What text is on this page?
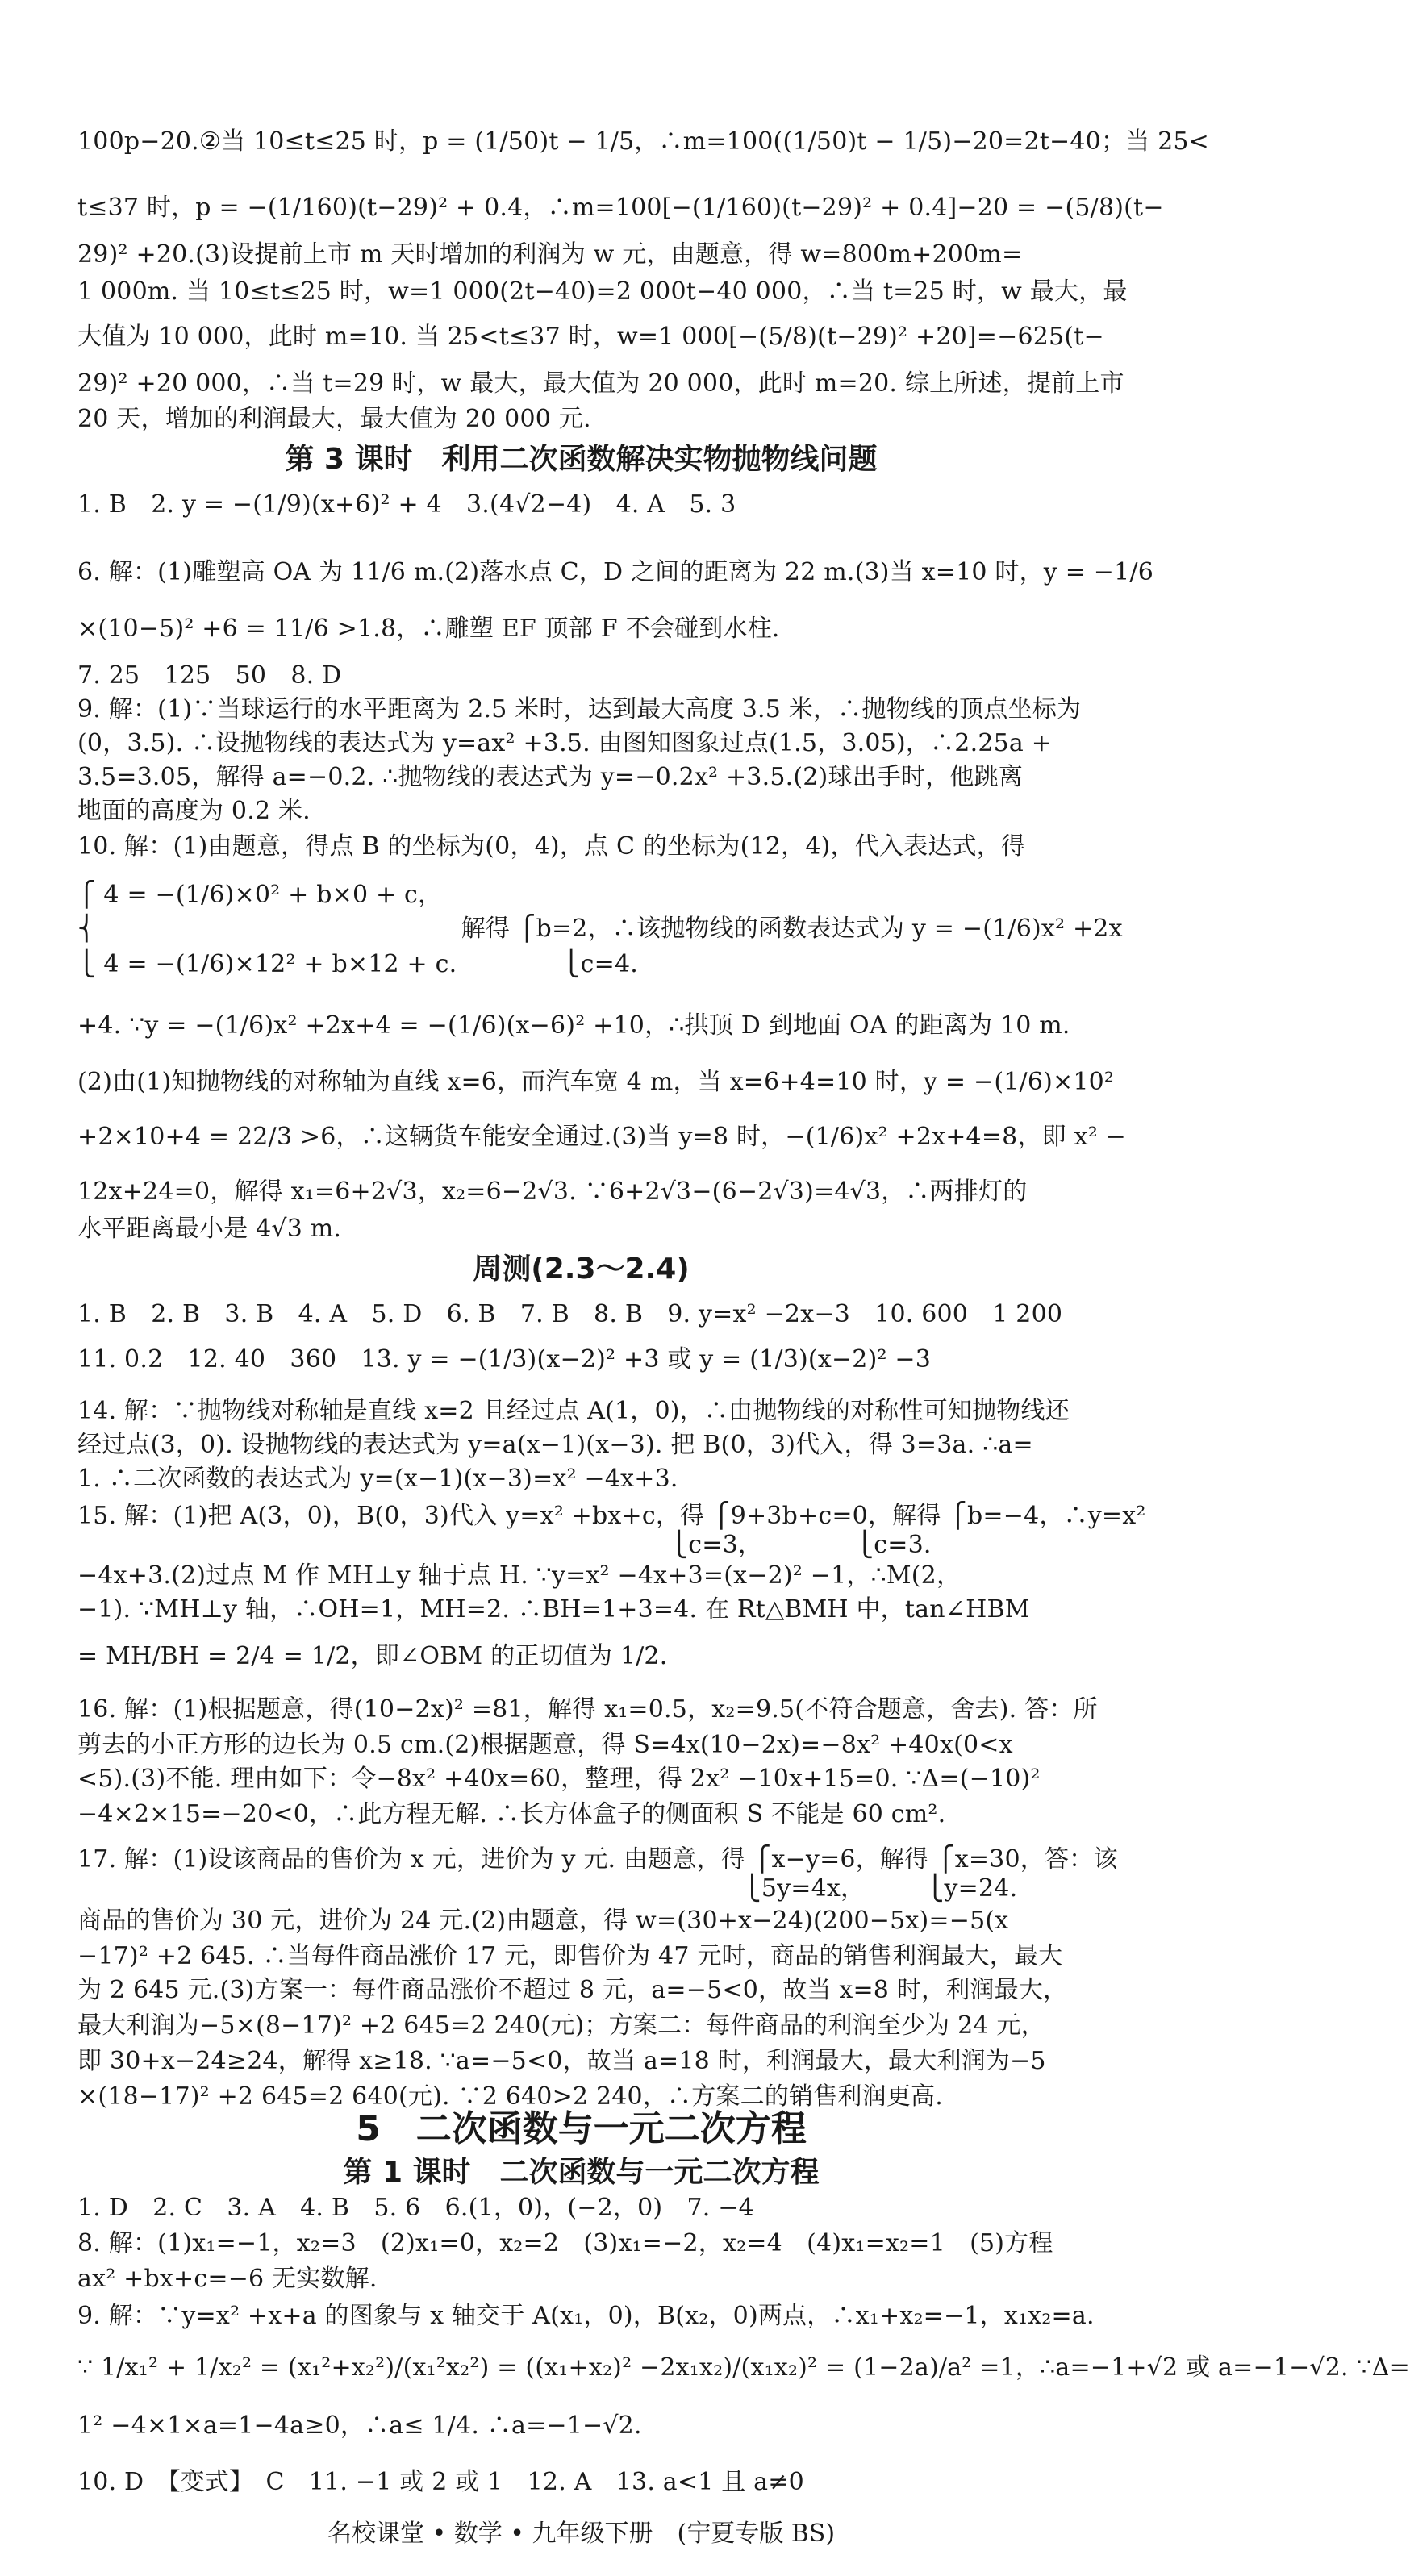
100p−20.②当 10≤t≤25 时，p = (1/50)t − 1/5，∴m=100((1/50)t − 1/5)−20=2t−40；当 25<
t≤37 时，p = −(1/160)(t−29)² + 0.4，∴m=100[−(1/160)(t−29)² + 0.4]−20 = −(5/8)(t−
29)² +20.(3)设提前上市 m 天时增加的利润为 w 元，由题意，得 w=800m+200m=
1 000m. 当 10≤t≤25 时，w=1 000(2t−40)=2 000t−40 000，∴当 t=25 时，w 最大，最
大值为 10 000，此时 m=10. 当 25<t≤37 时，w=1 000[−(5/8)(t−29)² +20]=−625(t−
29)² +20 000，∴当 t=29 时，w 最大，最大值为 20 000，此时 m=20. 综上所述，提前上市
20 天，增加的利润最大，最大值为 20 000 元.
第 3 课时　利用二次函数解决实物抛物线问题
1. B　2. y = −(1/9)(x+6)² + 4　3.(4√2−4)　4. A　5. 3
6. 解：(1)雕塑高 OA 为 11/6 m.(2)落水点 C，D 之间的距离为 22 m.(3)当 x=10 时，y = −1/6
×(10−5)² +6 = 11/6 >1.8，∴雕塑 EF 顶部 F 不会碰到水柱.
7. 25　125　50　8. D
9. 解：(1)∵当球运行的水平距离为 2.5 米时，达到最大高度 3.5 米，∴抛物线的顶点坐标为
(0，3.5). ∴设抛物线的表达式为 y=ax² +3.5. 由图知图象过点(1.5，3.05)，∴2.25a +
3.5=3.05，解得 a=−0.2. ∴抛物线的表达式为 y=−0.2x² +3.5.(2)球出手时，他跳离
地面的高度为 0.2 米.
10. 解：(1)由题意，得点 B 的坐标为(0，4)，点 C 的坐标为(12，4)，代入表达式，得
⎧ 4 = −(1/6)×0² + b×0 + c，
⎨　　　　　　　　　　　　　　　解得 ⎧b=2，∴该抛物线的函数表达式为 y = −(1/6)x² +2x
⎩ 4 = −(1/6)×12² + b×12 + c.　　　　 ⎩c=4.
+4. ∵y = −(1/6)x² +2x+4 = −(1/6)(x−6)² +10，∴拱顶 D 到地面 OA 的距离为 10 m.
(2)由(1)知抛物线的对称轴为直线 x=6，而汽车宽 4 m，当 x=6+4=10 时，y = −(1/6)×10²
+2×10+4 = 22/3 >6，∴这辆货车能安全通过.(3)当 y=8 时，−(1/6)x² +2x+4=8，即 x² −
12x+24=0，解得 x₁=6+2√3，x₂=6−2√3. ∵6+2√3−(6−2√3)=4√3，∴两排灯的
水平距离最小是 4√3 m.
周测(2.3～2.4)
1. B　2. B　3. B　4. A　5. D　6. B　7. B　8. B　9. y=x² −2x−3　10. 600　1 200
11. 0.2　12. 40　360　13. y = −(1/3)(x−2)² +3 或 y = (1/3)(x−2)² −3
14. 解：∵抛物线对称轴是直线 x=2 且经过点 A(1，0)，∴由抛物线的对称性可知抛物线还
经过点(3，0). 设抛物线的表达式为 y=a(x−1)(x−3). 把 B(0，3)代入，得 3=3a. ∴a=
1. ∴二次函数的表达式为 y=(x−1)(x−3)=x² −4x+3.
15. 解：(1)把 A(3，0)，B(0，3)代入 y=x² +bx+c，得 ⎧9+3b+c=0，解得 ⎧b=−4，∴y=x²
　　　　　　　　　　　　　　　　　　　　　　　　 ⎩c=3，　　　　 ⎩c=3.
−4x+3.(2)过点 M 作 MH⊥y 轴于点 H. ∵y=x² −4x+3=(x−2)² −1，∴M(2，
−1). ∵MH⊥y 轴，∴OH=1，MH=2. ∴BH=1+3=4. 在 Rt△BMH 中，tan∠HBM
= MH/BH = 2/4 = 1/2，即∠OBM 的正切值为 1/2.
16. 解：(1)根据题意，得(10−2x)² =81，解得 x₁=0.5，x₂=9.5(不符合题意，舍去). 答：所
剪去的小正方形的边长为 0.5 cm.(2)根据题意，得 S=4x(10−2x)=−8x² +40x(0<x
<5).(3)不能. 理由如下：令−8x² +40x=60，整理，得 2x² −10x+15=0. ∵Δ=(−10)²
−4×2×15=−20<0，∴此方程无解. ∴长方体盒子的侧面积 S 不能是 60 cm².
17. 解：(1)设该商品的售价为 x 元，进价为 y 元. 由题意，得 ⎧x−y=6，解得 ⎧x=30，答：该
　　　　　　　　　　　　　　　　　　　　　　　　　　　 ⎩5y=4x，　　　⎩y=24.
商品的售价为 30 元，进价为 24 元.(2)由题意，得 w=(30+x−24)(200−5x)=−5(x
−17)² +2 645. ∴当每件商品涨价 17 元，即售价为 47 元时，商品的销售利润最大，最大
为 2 645 元.(3)方案一：每件商品涨价不超过 8 元，a=−5<0，故当 x=8 时，利润最大，
最大利润为−5×(8−17)² +2 645=2 240(元)；方案二：每件商品的利润至少为 24 元，
即 30+x−24≥24，解得 x≥18. ∵a=−5<0，故当 a=18 时，利润最大，最大利润为−5
×(18−17)² +2 645=2 640(元). ∵2 640>2 240，∴方案二的销售利润更高.
5　二次函数与一元二次方程
第 1 课时　二次函数与一元二次方程
1. D　2. C　3. A　4. B　5. 6　6.(1，0)，(−2，0)　7. −4
8. 解：(1)x₁=−1，x₂=3　(2)x₁=0，x₂=2　(3)x₁=−2，x₂=4　(4)x₁=x₂=1　(5)方程
ax² +bx+c=−6 无实数解.
9. 解：∵y=x² +x+a 的图象与 x 轴交于 A(x₁，0)，B(x₂，0)两点，∴x₁+x₂=−1，x₁x₂=a.
∵ 1/x₁² + 1/x₂² = (x₁²+x₂²)/(x₁²x₂²) = ((x₁+x₂)² −2x₁x₂)/(x₁x₂)² = (1−2a)/a² =1，∴a=−1+√2 或 a=−1−√2. ∵Δ=
1² −4×1×a=1−4a≥0，∴a≤ 1/4. ∴a=−1−√2.
10. D　【变式】　C　11. −1 或 2 或 1　12. A　13. a<1 且 a≠0
名校课堂 • 数学 • 九年级下册　(宁夏专版 BS)
